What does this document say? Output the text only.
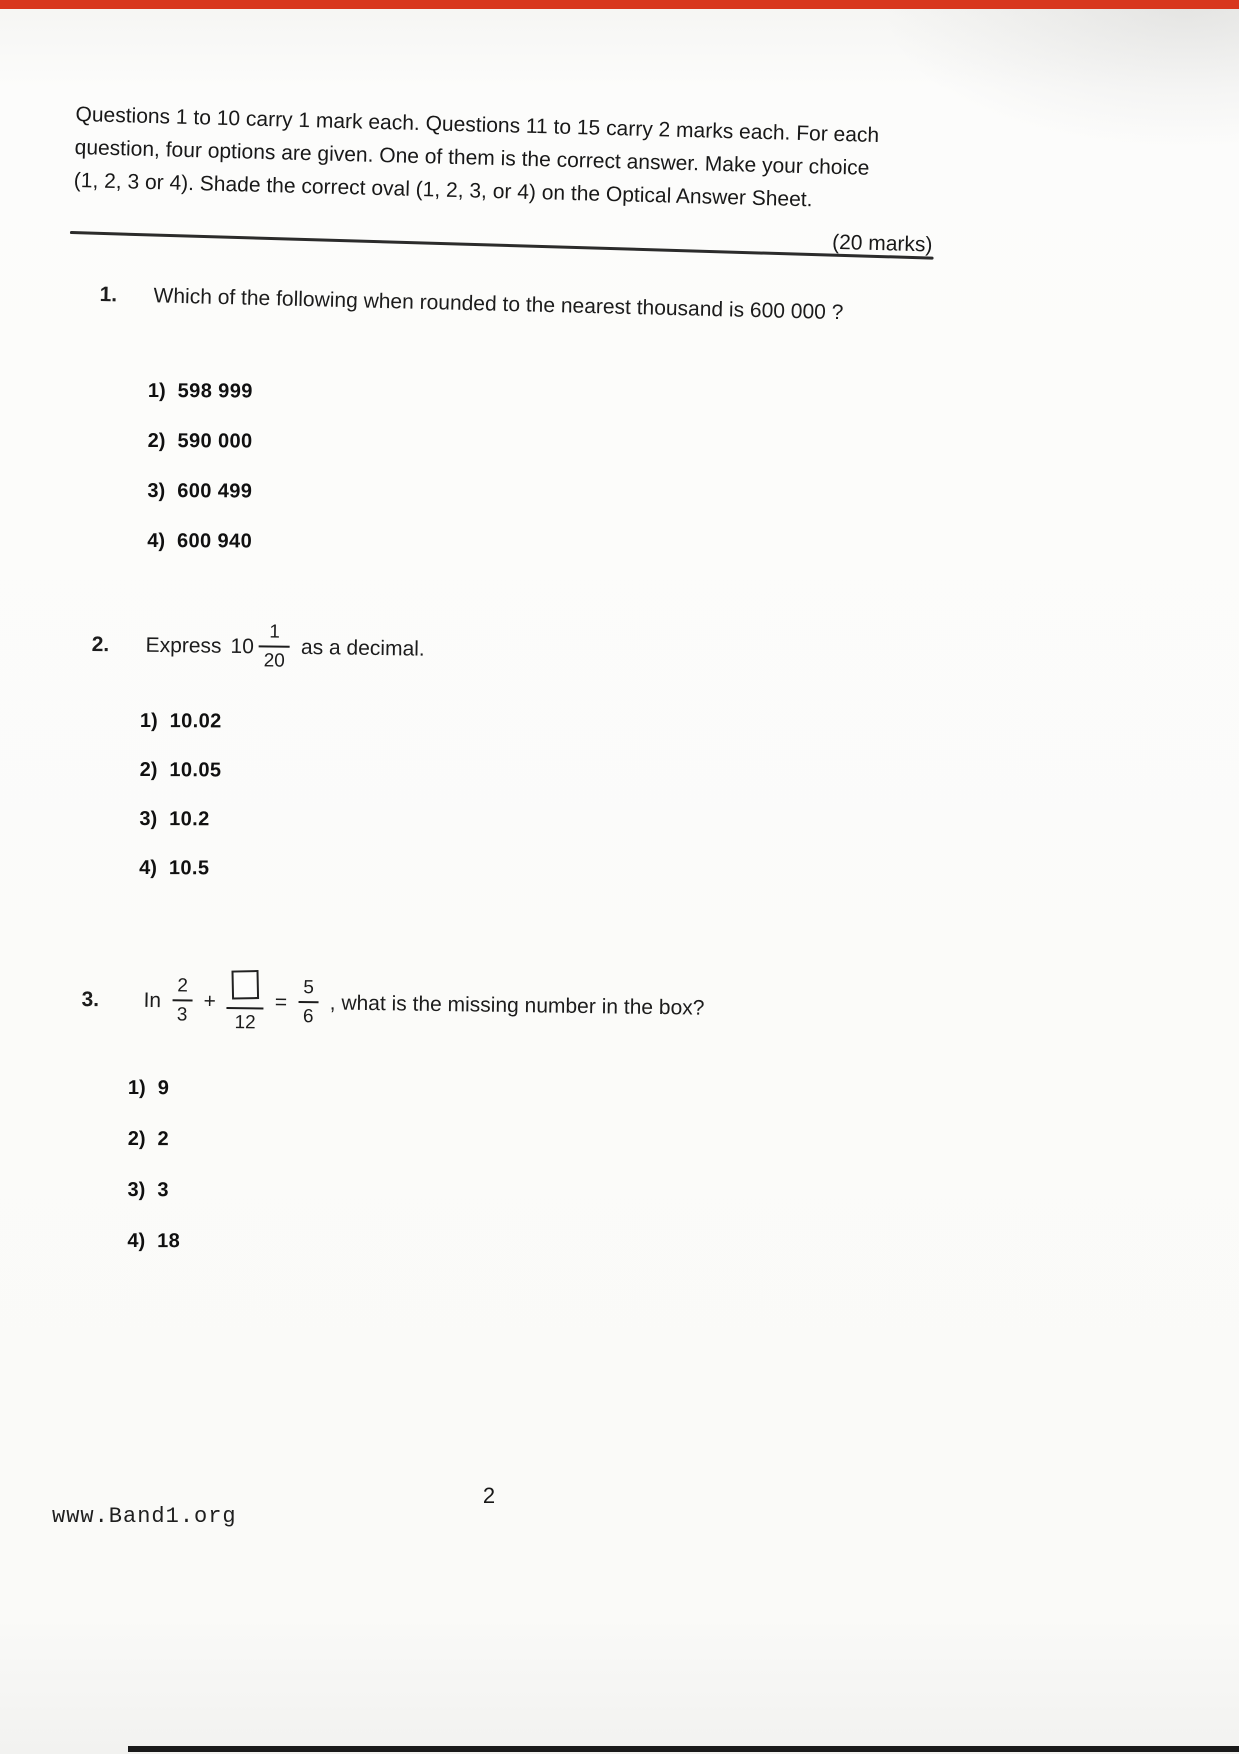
Questions 1 to 10 carry 1 mark each. Questions 11 to 15 carry 2 marks each. For each

question, four options are given. One of them is the correct answer. Make your choice

(1, 2, 3 or 4). Shade the correct oval (1, 2, 3, or 4) on the Optical Answer Sheet.

(20 marks)
1.	Which of the following when rounded to the nearest thousand is 600 000 ?
1) 598 999
2) 590 000
3) 600 499
4) 600 940
2.	Express $10 \frac{1}{20}$ as a decimal.
1) 10.02
2) 10.05
3) 10.2
4) 10.5
3.	In $\frac{2}{3}$ +
12
= $\frac{5}{6}$ , what is the missing number in the box?
1) 9
2) 2
3) 3
4) 18
2
www.Band1.org
